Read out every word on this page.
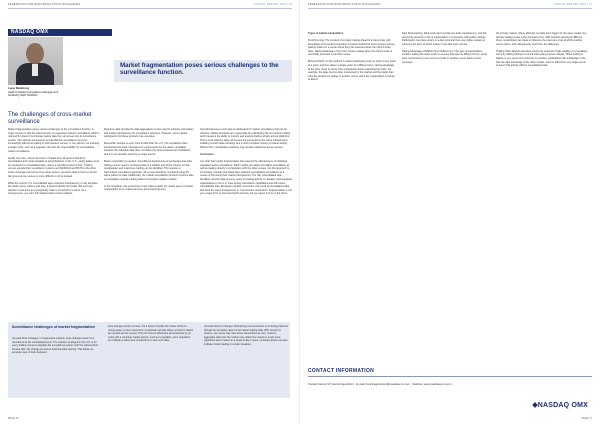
FEDERATION FOR EUROPEAN STOCK EXCHANGES	ANNUAL REPORT 2010 | 11
NASDAQ OMX
Lene Damborg
Head of Market Surveillance Management
NASDAQ OMX NORDIC
Market fragmentation poses serious challenges to the surveillance function.
The challenges of cross-market surveillance
Market fragmentation poses serious challenges to the surveillance function. A major concern is that the effectiveness of a regulated market's surveillance effort is reduced if it doesn't incorporate trading data from all venues into its surveillance system. The natural consequence is that effective surveillance becomes increasingly difficult as trading is split between venues. In our opinion, not knowing a single entity, such as a regulator, who has the responsibility for consolidated market surveillance.
Ideally, the price, volume and time of trades from all venues should be consolidated and made available to all participants. In the U.S., equity trades must be reported to a consolidated tape, where a specified period of time. Trading venues operate their surveillance systems and NASDAQ and BATS to the other stock exchanges and prices from other venues; precisely what to how to monitor fair prices across venues is more difficult to not be located.
While the current U.S. consolidated tape enhances transparency, it only identifies the trade's price, volume and time. It doesn't identify the broker that sent and whether it was done as a proprietary trade or on behalf of a client. As a consequence, you can't link related trades across markets.
Real-time data provided by data aggregators is also used to enhance information and market transparency for surveillance purposes. However, some market participants find these products too expensive.
Meanwhile, Europe is even more limited than the U.S. The regulations have introduced post-trade transparency requirements but the data is unreliable because the individual data does not follow the same protocols and standards, and it is not centrally stored by a single source.
Better cooperation is needed. Surveillance departments of exchanges and other trading venues need to exchange data in a reliable and timely manner so that manipulation and suspicious trading can be identified. This requires a harmonized surveillance approach. All venues should be monitored using the same pattern of data. Additionally, the market surveillance functions must be able to investigate irregular trading patterns that span multiple markets.
In the meantime, this environment may make it easier for certain types of market manipulation to go undetected (see accompanying box).
Operational issues must also be addressed for market surveillance that can be effective. Market operators are responsible for maintaining fair and orderly trading, which requires the ability to monitor and analyze trading activity across platforms. This is most effective when all venues are connected to the same infrastructure, enabling smooth data exchange and a more complete picture of market activity. Without this, manipulative practices may remain undetected across venues.
Conclusion
It is clear that market fragmentation has reduced the effectiveness of individual regulated market surveillance. Each market can adapt and adjust surveillance as well as dealing directly in consultation with the other venues, but this approach is incomplete. Cassidy and Nokia have adopted consolidated surveillance as a means of improving their market transparency. The fully consolidated tape, identified, and the data of every venue by trading activity is valuable. Self-regulated organizations in the U.S. have strong surveillance capabilities and will require consolidated data. European markets must look to the trend of consolidated data that have the same transparency in cross-border cooperation. Fragmentation is not yet a major force in Asia and South America, but we expect it to be in the future.
Surveillance challenges of market fragmentation
Unusual Price Changes: In fragmented markets, price changes need to be considered at the consolidated level. The solution employed in the U.S. is for every trading venue to populate the surveillance system with the national best bid and offer, the change as well as historical data sharing. This allows an accurate view of trade behavior.
price changes across venues, but it doesn't identify the broker behind a wrong quote or price movement, a particular security where a broker's trades are spread across venues. This can only be effectively accomplished by an entity with a complete market picture, such as a regulator, since regulators are unlikely to allow their competitors to view such data.
Unusual Volume Changes: Monitoring unusual volume is currently practiced through an exception report of all market trading data. With respect to volume, one venue may view those transactions as rare, however aggregate data over the market may reflect the volume is much more significant when traded on a single entity's venue. Unusual volume can also indicate insider trading in certain situations.
PAGE 70
FEDERATION FOR EUROPEAN STOCK EXCHANGES	ANNUAL REPORT 2010 | 11
Types of market manipulation
Front Running: The conduct of a broker trading ahead of a client order with knowledge of its pending execution. A typical method for front running involves placing orders on a venue where they can execute before the client's order does, taking advantage of the price impact created when the client's order is eventually executed on another venue.
Bid and Switch: In this method, a market participant posts an order to buy stock at a price, and then places a larger order at a different price, taking advantage of the price move to sell to other participants before switching the order. For example, the large buying order is detected by the market and the trader then exits the position by selling on another venue, when the manipulation is harder to detect.
Dark Pool Gaming: Dark pools don't provide pre-trade transparency, and this anonymity presents a risk of manipulation in connection with public markets. Participants can place orders in a dark pool and then use visible markets to influence the price at which orders in the dark pool execute.
Taking Advantage of Market Open Differences: This type of manipulation involves trading the same stock on venues that open at different times, using price movements on one venue to profit on another venue before prices converge.
the primary market, where although no trade can't trigger for the open market, the primary trading venue is the dominant price. With markets opening at different times, a participant can trade to influence the reference price at which another venue opens, and subsequently profit from the difference.
Trading Halts: Market operators commonly respond to high volatility or a regulatory event by halting trading in a stock and issuing a press release. When trading is halted on one venue but continues on another, participants with knowledge of the halt can take advantage of the other market, and it is difficult for any single venue to detect this activity without consolidated data.
CONTACT INFORMATION
Contact Name: Mr. Henrik Agerström · E-mail: henrik.agerstrom@nasdaqomx.com · Website: www.nasdaqomx.com
NASDAQ OMX
PAGE 71
